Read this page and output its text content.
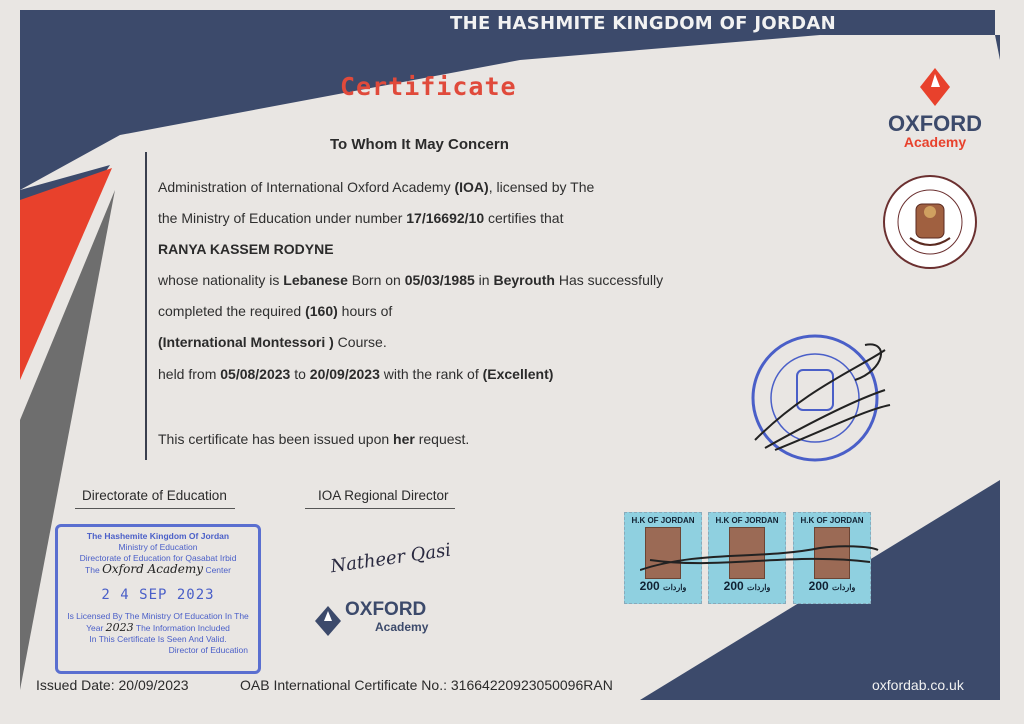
THE HASHMITE KINGDOM OF JORDAN
Certificate
To Whom It May Concern
OXFORD
Academy
Administration of International Oxford Academy (IOA), licensed by The
the Ministry of Education under number 17/16692/10 certifies that
RANYA KASSEM RODYNE
whose nationality is Lebanese Born on 05/03/1985 in Beyrouth Has successfully
completed the required (160) hours of
(International Montessori ) Course.
held from 05/08/2023 to 20/09/2023 with the rank of (Excellent)
This certificate has been issued upon her request.
Directorate of Education	IOA Regional Director
Natheer Qasi
OXFORD
Academy
The Hashemite Kingdom Of Jordan
Ministry of Education
Directorate of Education for Qasabat Irbid
The Oxford Academy Center
2 4 SEP 2023
Is Licensed By The Ministry Of Education In The
Year 2023 The Information Included
In This Certificate Is Seen And Valid.
Director of Education
H.K OF JORDAN
200 واردات
H.K OF JORDAN
200 واردات
H.K OF JORDAN
200 واردات
Issued Date: 20/09/2023	OAB International Certificate No.: 31664220923050096RAN	oxfordab.co.uk
